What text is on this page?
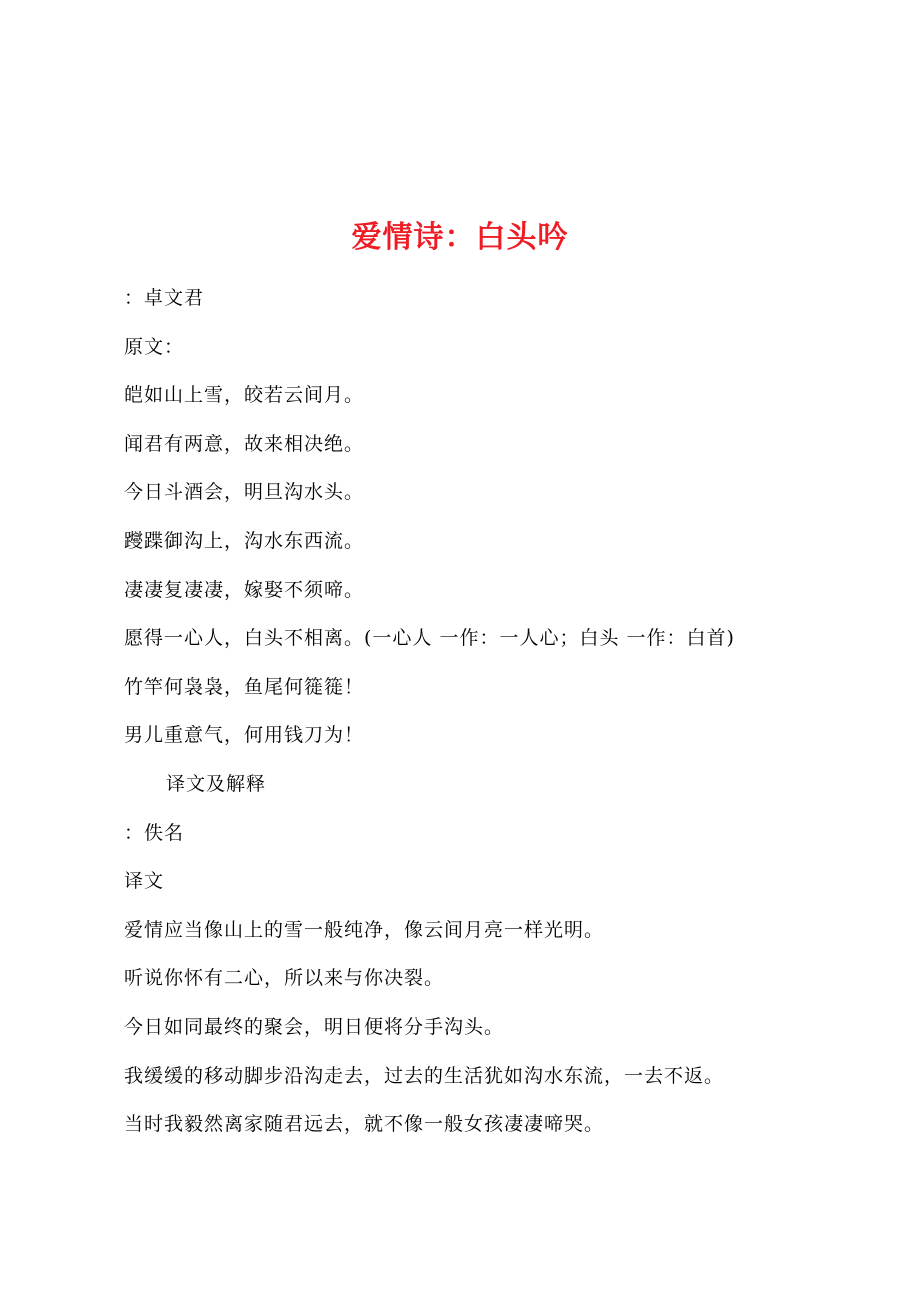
爱情诗：白头吟
：卓文君
原文：
皑如山上雪，皎若云间月。
闻君有两意，故来相决绝。
今日斗酒会，明旦沟水头。
躞蹀御沟上，沟水东西流。
凄凄复凄凄，嫁娶不须啼。
愿得一心人，白头不相离。(一心人 一作：一人心；白头 一作：白首)
竹竿何袅袅，鱼尾何簁簁！
男儿重意气，何用钱刀为！
译文及解释
：佚名
译文
爱情应当像山上的雪一般纯净，像云间月亮一样光明。
听说你怀有二心，所以来与你决裂。
今日如同最终的聚会，明日便将分手沟头。
我缓缓的移动脚步沿沟走去，过去的生活犹如沟水东流，一去不返。
当时我毅然离家随君远去，就不像一般女孩凄凄啼哭。
